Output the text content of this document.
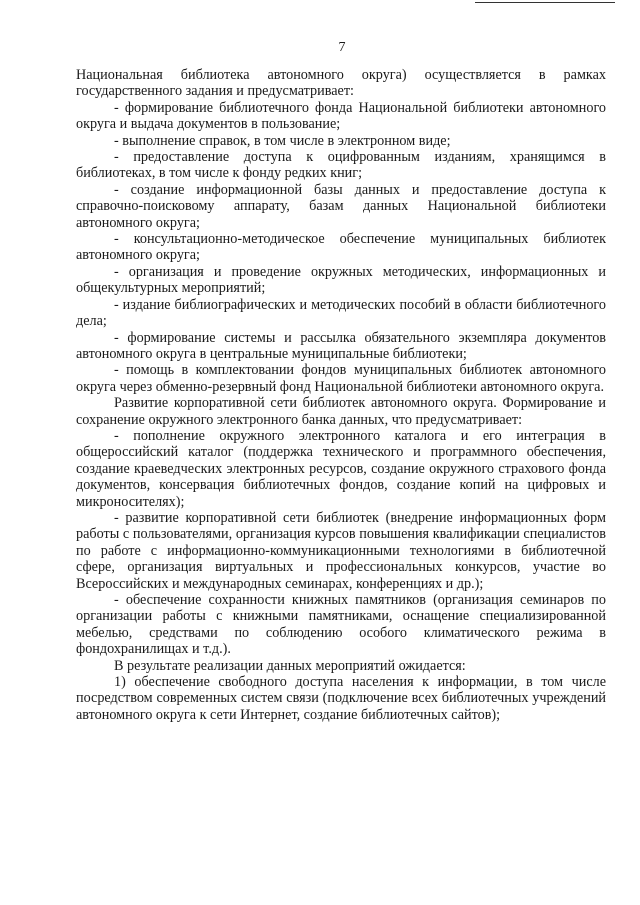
7

Национальная библиотека автономного округа) осуществляется в рамках государственного задания и предусматривает:

- формирование библиотечного фонда Национальной библиотеки автономного округа и выдача документов в пользование;

- выполнение справок, в том числе в электронном виде;

- предоставление доступа к оцифрованным изданиям, хранящимся в библиотеках, в том числе к фонду редких книг;

- создание информационной базы данных и предоставление доступа к справочно-поисковому аппарату, базам данных Национальной библиотеки автономного округа;

- консультационно-методическое обеспечение муниципальных библиотек автономного округа;

- организация и проведение окружных методических, информационных и общекультурных мероприятий;

- издание библиографических и методических пособий в области библиотечного дела;

- формирование системы и рассылка обязательного экземпляра документов автономного округа в центральные муниципальные библиотеки;

- помощь в комплектовании фондов муниципальных библиотек автономного округа через обменно-резервный фонд Национальной библиотеки автономного округа.

Развитие корпоративной сети библиотек автономного округа. Формирование и сохранение окружного электронного банка данных, что предусматривает:

- пополнение окружного электронного каталога и его интеграция в общероссийский каталог (поддержка технического и программного обеспечения, создание краеведческих электронных ресурсов, создание окружного страхового фонда документов, консервация библиотечных фондов, создание копий на цифровых и микроносителях);

- развитие корпоративной сети библиотек (внедрение информационных форм работы с пользователями, организация курсов повышения квалификации специалистов по работе с информационно-коммуникационными технологиями в библиотечной сфере, организация виртуальных и профессиональных конкурсов, участие во Всероссийских и международных семинарах, конференциях и др.);

- обеспечение сохранности книжных памятников (организация семинаров по организации работы с книжными памятниками, оснащение специализированной мебелью, средствами по соблюдению особого климатического режима в фондохранилищах и т.д.).

В результате реализации данных мероприятий ожидается:

1) обеспечение свободного доступа населения к информации, в том числе посредством современных систем связи (подключение всех библиотечных учреждений автономного округа к сети Интернет, создание библиотечных сайтов);
